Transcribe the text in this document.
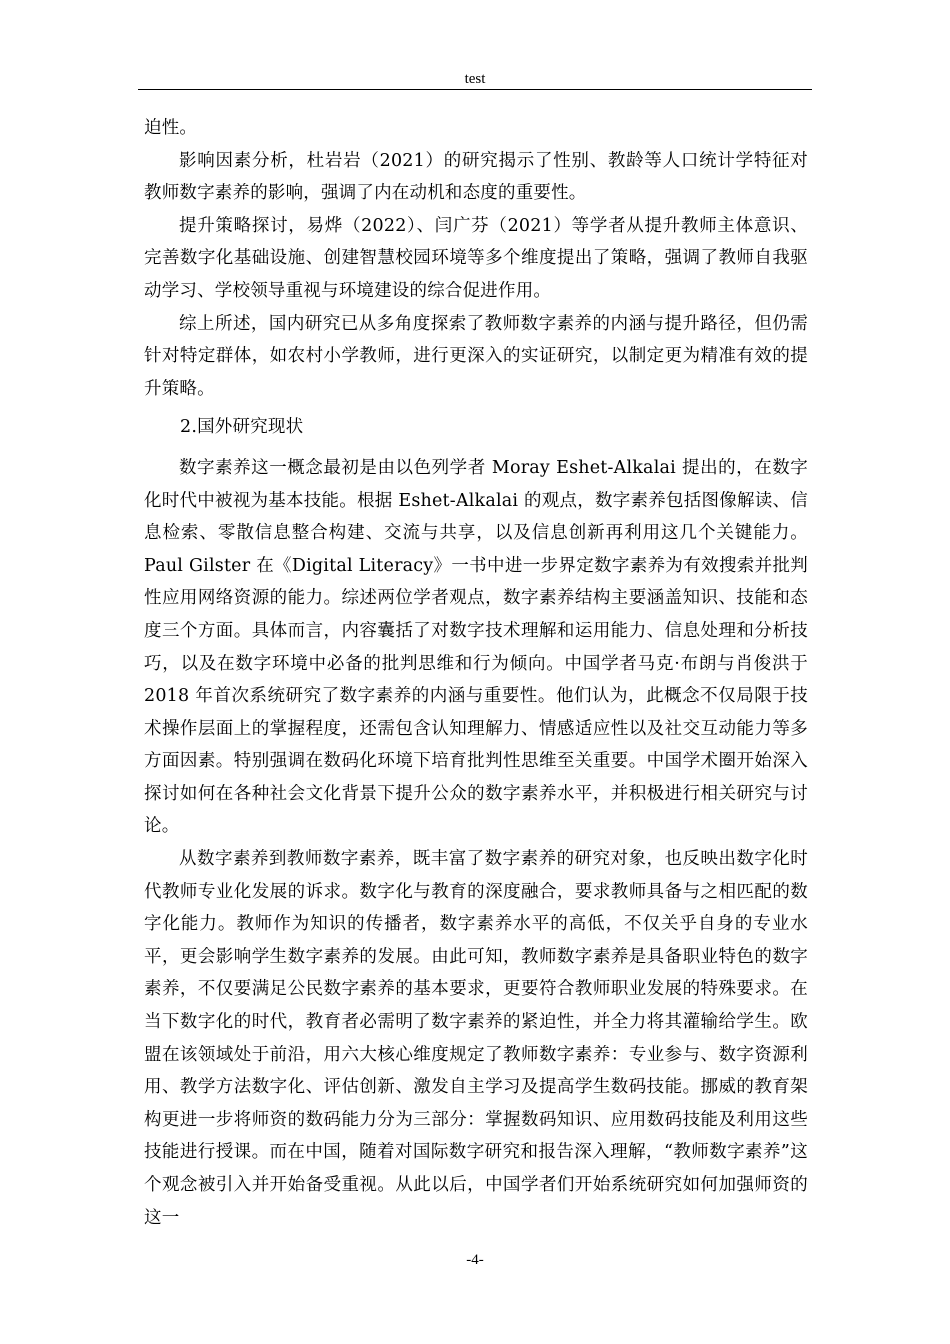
test

迫性。

影响因素分析，杜岩岩（2021）的研究揭示了性别、教龄等人口统计学特征对教师数字素养的影响，强调了内在动机和态度的重要性。

提升策略探讨，易烨（2022）、闫广芬（2021）等学者从提升教师主体意识、完善数字化基础设施、创建智慧校园环境等多个维度提出了策略，强调了教师自我驱动学习、学校领导重视与环境建设的综合促进作用。

综上所述，国内研究已从多角度探索了教师数字素养的内涵与提升路径，但仍需针对特定群体，如农村小学教师，进行更深入的实证研究，以制定更为精准有效的提升策略。

2.国外研究现状

数字素养这一概念最初是由以色列学者 Moray Eshet-Alkalai 提出的，在数字化时代中被视为基本技能。根据 Eshet-Alkalai 的观点，数字素养包括图像解读、信息检索、零散信息整合构建、交流与共享，以及信息创新再利用这几个关键能力。Paul Gilster 在《Digital Literacy》一书中进一步界定数字素养为有效搜索并批判性应用网络资源的能力。综述两位学者观点，数字素养结构主要涵盖知识、技能和态度三个方面。具体而言，内容囊括了对数字技术理解和运用能力、信息处理和分析技巧，以及在数字环境中必备的批判思维和行为倾向。中国学者马克·布朗与肖俊洪于 2018 年首次系统研究了数字素养的内涵与重要性。他们认为，此概念不仅局限于技术操作层面上的掌握程度，还需包含认知理解力、情感适应性以及社交互动能力等多方面因素。特别强调在数码化环境下培育批判性思维至关重要。中国学术圈开始深入探讨如何在各种社会文化背景下提升公众的数字素养水平，并积极进行相关研究与讨论。

从数字素养到教师数字素养，既丰富了数字素养的研究对象，也反映出数字化时代教师专业化发展的诉求。数字化与教育的深度融合，要求教师具备与之相匹配的数字化能力。教师作为知识的传播者，数字素养水平的高低，不仅关乎自身的专业水平，更会影响学生数字素养的发展。由此可知，教师数字素养是具备职业特色的数字素养，不仅要满足公民数字素养的基本要求，更要符合教师职业发展的特殊要求。在当下数字化的时代，教育者必需明了数字素养的紧迫性，并全力将其灌输给学生。欧盟在该领域处于前沿，用六大核心维度规定了教师数字素养：专业参与、数字资源利用、教学方法数字化、评估创新、激发自主学习及提高学生数码技能。挪威的教育架构更进一步将师资的数码能力分为三部分：掌握数码知识、应用数码技能及利用这些技能进行授课。而在中国，随着对国际数字研究和报告深入理解，“教师数字素养”这个观念被引入并开始备受重视。从此以后，中国学者们开始系统研究如何加强师资的这一

-4-
